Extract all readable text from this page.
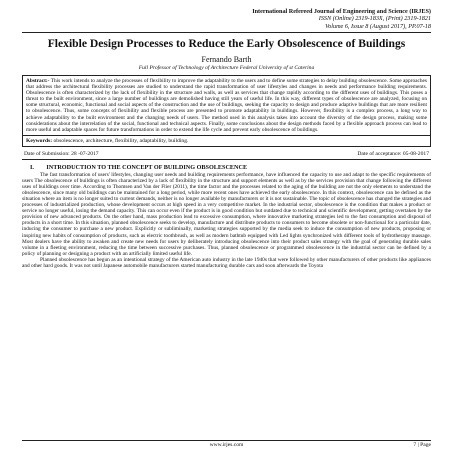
International Refereed Journal of Engineering and Science (IRJES)
ISSN (Online) 2319-183X, (Print) 2319-1821
Volume 6, Issue 8 (August 2017), PP.07-18
Flexible Design Processes to Reduce the Early Obsolescence of Buildings
Fernando Barth
Full Professor of Technology of Architecture Federal University of st Caterina
Abstract:- This work intends to analyze the processes of flexibility to improve the adaptability to the users and to define some strategies to delay building obsolescence. Some approaches that address the architectural flexibility processes are studied to understand the rapid transformation of user lifestyles and changes in needs and performance building requirements. Obsolescence is often characterized by the lack of flexibility in the structure and walls, as well as services that change rapidly according to the different uses of buildings. This poses a threat to the built environment, since a large number of buildings are demolished having still years of useful life. In this way, different types of obsolescence are analyzed, focusing on some structural, economic, functional and social aspects of the construction and the use of buildings, seeking the capacity to design and produce adaptive buildings that are more resilient to obsolescence. Thus, some concepts of flexibility and flexible process are presented to promote adaptability in buildings. However, flexibility is a complex process, a long way to achieve adaptability to the built environment and the changing needs of users. The method used in this analysis takes into account the diversity of the design process, making some considerations about the interrelation of the social, functional and technical aspects. Finally, some conclusions about the design methods faced by a flexible approach process can lead to more useful and adaptable spaces for future transformations in order to extend the life cycle and prevent early obsolescence of buildings.
Keywords: obsolescence, architecture, flexibility, adaptability, building.
Date of Submission: 28 -07-2017	Date of acceptance: 05-08-2017
I.        INTRODUCTION TO THE CONCEPT OF BUILDING OBSOLESCENCE

The fast transformation of users' lifestyles, changing user needs and building requirements performance, have influenced the capacity to use and adapt to the specific requirements of users The obsolescence of buildings is often characterized by a lack of flexibility in the structure and support elements as well as by the services provision that change following the different uses of buildings over time. According to Thomsen and Van der Flier (2011), the time factor and the processes related to the aging of the building are not the only elements to understand the obsolescence, since many old buildings can be maintained for a long period, while more recent ones have achieved the early obsolescence. In this context, obsolescence can be defined as the situation where an item is no longer suited to current demands, neither is no longer available by manufacturers or it is not sustainable. The topic of obsolescence has changed the strategies and processes of industrialized production, whose development occurs at high speed in a very competitive market. In the industrial sector, obsolescence is the condition that makes a product or service no longer useful, losing the demand capacity. This can occur even if the product is in good condition but outdated due to technical and scientific development, getting overtaken by the provision of new advanced products. On the other hand, mass production lead to excessive consumption, where innovative marketing strategies led to the fast consumption and disposal of products in a short time. In this situation, planned obsolescence seeks to develop, manufacture and distribute products to consumers to become obsolete or non-functional for a particular date, inducing the consumer to purchase a new product. Explicitly or subliminally, marketing strategies supported by the media seek to induce the consumption of new products, proposing or inspiring new habits of consumption of products, such as electric toothbrush, as well as modern bathtub equipped with Led lights synchronized with different tools of hydrotherapy massage. Most dealers have the ability to awaken and create new needs for users by deliberately introducing obsolescence into their product sales strategy with the goal of generating durable sales volume in a fleeting environment, reducing the time between successive purchases. Thus, planned obsolescence or programmed obsolescence in the industrial sector can be defined by a policy of planning or designing a product with an artificially limited useful life.

Planned obsolescence has begun as an intentional strategy of the American auto industry in the late 1940s that were followed by other manufacturers of other products like appliances and other hard goods. It was not until Japanese automobile manufacturers started manufacturing durable cars and soon afterwards the Toyota

www.irjes.com	7 | Page
